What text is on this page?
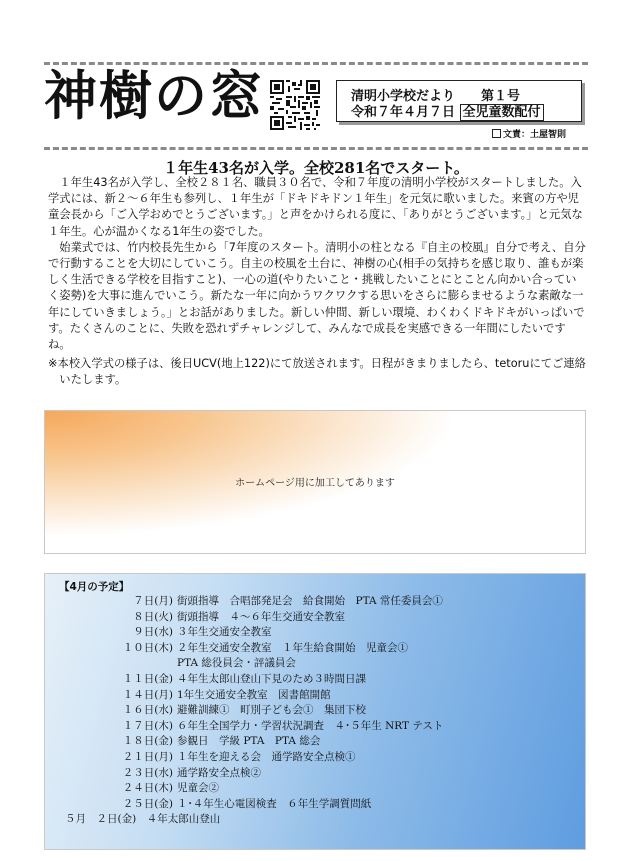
神樹の窓	清明小学校だより 第１号
令和７年４月７日 全児童数配付
文責：土屋智則
１年生43名が入学。全校281名でスタート。

１年生43名が入学し、全校２８１名、職員３０名で、令和７年度の清明小学校がスタートしました。入学式には、新２～６年生も参列し、１年生が「ドキドキドン１年生」を元気に歌いました。来賓の方や児童会長から「ご入学おめでとうございます。」と声をかけられる度に、「ありがとうございます。」と元気な１年生。心が温かくなる1年生の姿でした。

始業式では、竹内校長先生から「7年度のスタート。清明小の柱となる『自主の校風』自分で考え、自分で行動することを大切にしていこう。自主の校風を土台に、神樹の心(相手の気持ちを感じ取り、誰もが楽しく生活できる学校を目指すこと)、一心の道(やりたいこと・挑戦したいことにとことん向かい合っていく姿勢)を大事に進んでいこう。新たな一年に向かうワクワクする思いをさらに膨らませるような素敵な一年にしていきましょう。」とお話がありました。新しい仲間、新しい環境、わくわくドキドキがいっぱいです。たくさんのことに、失敗を恐れずチャレンジして、みんなで成長を実感できる一年間にしたいですね。

※本校入学式の様子は、後日UCV(地上122)にて放送されます。日程がきまりましたら、tetoruにてご連絡いたします。

ホームページ用に加工してあります
【4月の予定】
７日(月) 街頭指導　合唱部発足会　給食開始　PTA 常任委員会①
８日(火) 街頭指導　４～６年生交通安全教室
９日(水) ３年生交通安全教室
１０日(木) ２年生交通安全教室　１年生給食開始　児童会①
PTA 総役員会・評議員会
１１日(金) ４年生太郎山登山下見のため３時間日課
１４日(月) 1年生交通安全教室　図書館開館
１６日(水) 避難訓練①　町別子ども会①　集団下校
１７日(木) ６年生全国学力・学習状況調査　４･５年生 NRT テスト
１８日(金) 参観日　学級 PTA　PTA 総会
２１日(月) １年生を迎える会　通学路安全点検①
２３日(水) 通学路安全点検②
２４日(木) 児童会②
２５日(金) １･４年生心電図検査　６年生学調質問紙
５月　２日(金)　４年太郎山登山
